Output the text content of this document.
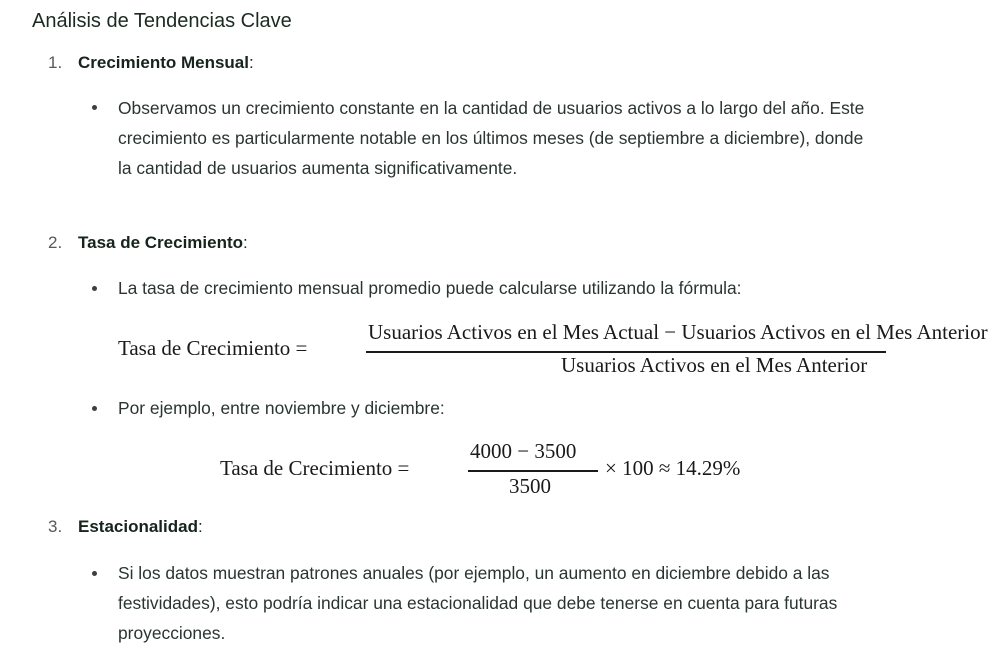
Análisis de Tendencias Clave
1. Crecimiento Mensual:
Observamos un crecimiento constante en la cantidad de usuarios activos a lo largo del año. Este crecimiento es particularmente notable en los últimos meses (de septiembre a diciembre), donde la cantidad de usuarios aumenta significativamente.
2. Tasa de Crecimiento:
La tasa de crecimiento mensual promedio puede calcularse utilizando la fórmula:
Tasa de Crecimiento =
Usuarios Activos en el Mes Actual − Usuarios Activos en el Mes Anterior
Usuarios Activos en el Mes Anterior
Por ejemplo, entre noviembre y diciembre:
Tasa de Crecimiento =
4000 − 3500
3500
× 100 ≈ 14.29%
3. Estacionalidad:
Si los datos muestran patrones anuales (por ejemplo, un aumento en diciembre debido a las festividades), esto podría indicar una estacionalidad que debe tenerse en cuenta para futuras proyecciones.
